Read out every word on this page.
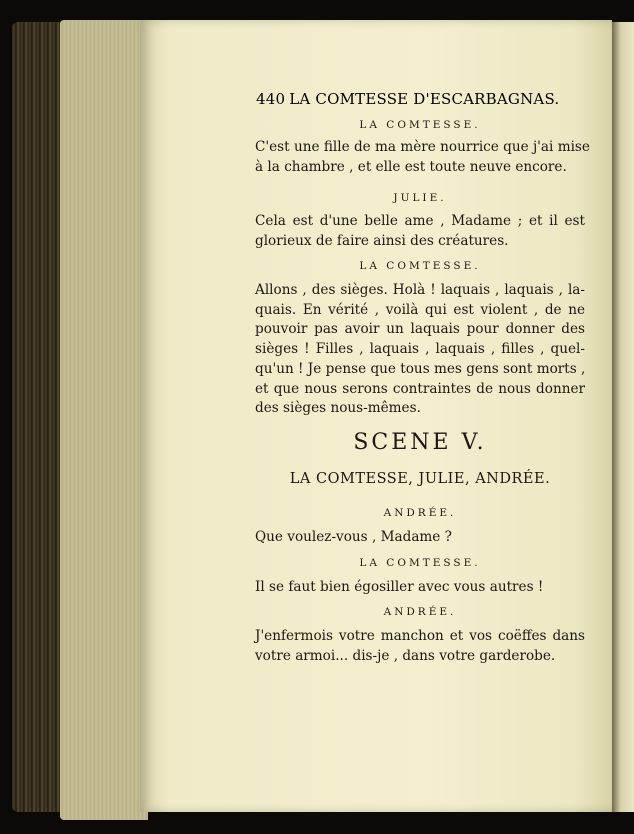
440 LA COMTESSE D'ESCARBAGNAS.
LA COMTESSE.
C'est une fille de ma mère nourrice que j'ai mise
à la chambre , et elle est toute neuve encore.
JULIE.
Cela est d'une belle ame , Madame ; et il est
glorieux de faire ainsi des créatures.
LA COMTESSE.
Allons , des sièges. Holà ! laquais , laquais , la-
quais. En vérité , voilà qui est violent , de ne
pouvoir pas avoir un laquais pour donner des
sièges ! Filles , laquais , laquais , filles , quel-
qu'un ! Je pense que tous mes gens sont morts ,
et que nous serons contraintes de nous donner
des sièges nous-mêmes.
SCENE V.
LA COMTESSE, JULIE, ANDRÉE.
ANDRÉE.
Que voulez-vous , Madame ?
LA COMTESSE.
Il se faut bien égosiller avec vous autres !
ANDRÉE.
J'enfermois votre manchon et vos coëffes dans
votre armoi... dis-je , dans votre garderobe.
